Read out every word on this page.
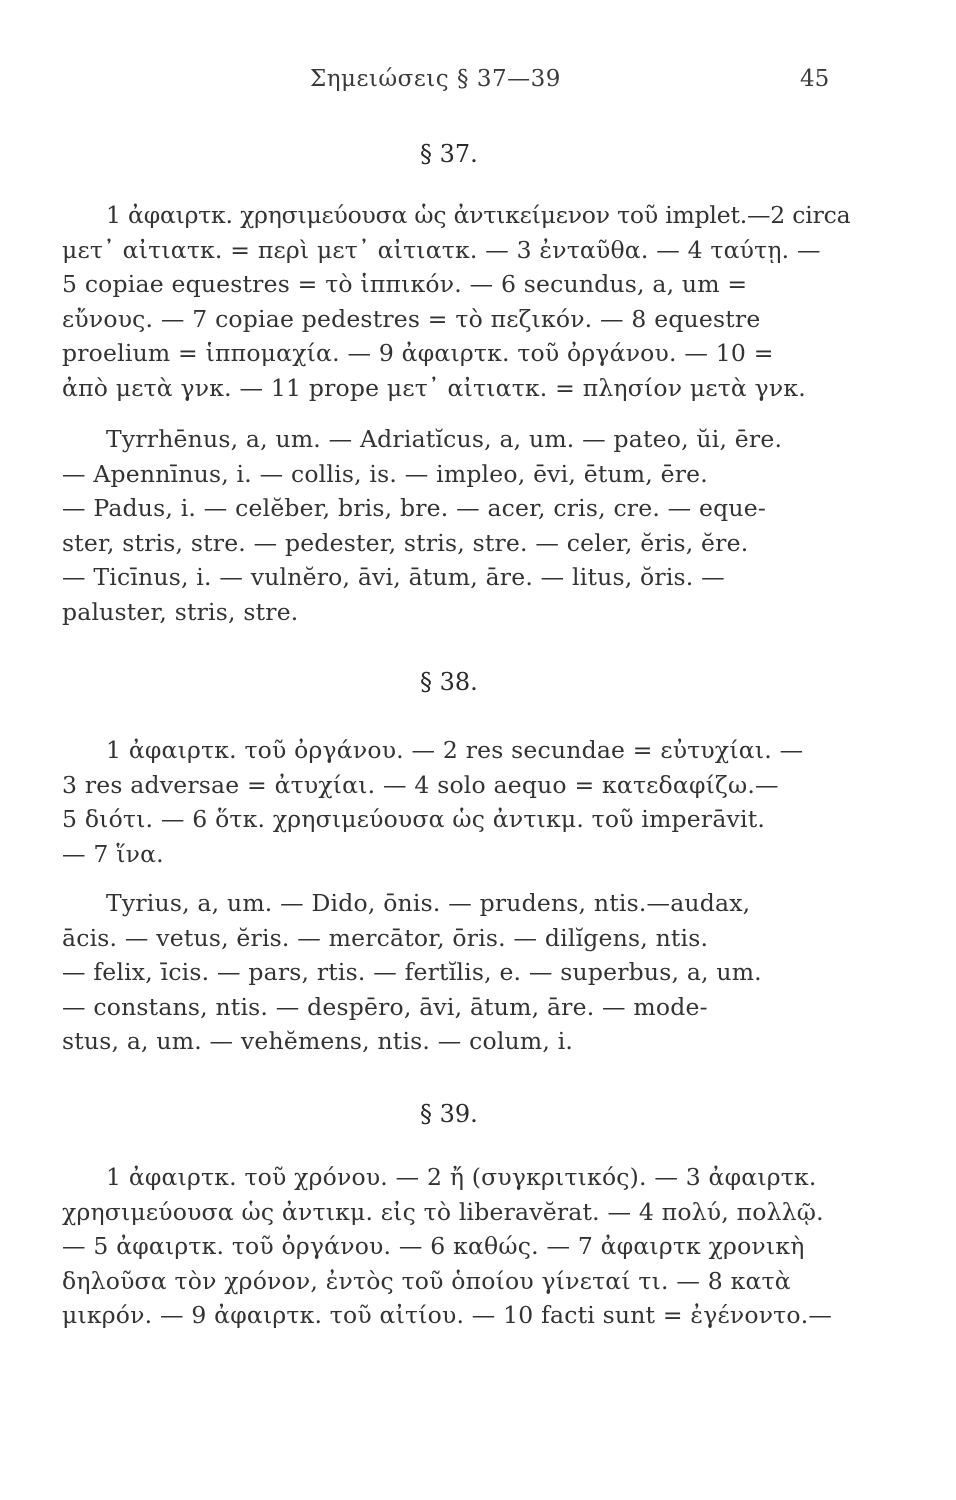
Σημειώσεις § 37—39	45
§ 37.
1 ἀφαιρτκ. χρησιμεύουσα ὡς ἀντικείμενον τοῦ implet.—2 circa
μετ᾽ αἰτιατκ. = περὶ μετ᾽ αἰτιατκ. — 3 ἐνταῦθα. — 4 ταύτῃ. —
5 copiae equestres = τὸ ἱππικόν. — 6 secundus, a, um =
εὔνους. — 7 copiae pedestres = τὸ πεζικόν. — 8 equestre
proelium = ἱππομαχία. — 9 ἀφαιρτκ. τοῦ ὀργάνου. — 10 =
ἀπὸ μετὰ γνκ. — 11 prope μετ᾽ αἰτιατκ. = πλησίον μετὰ γνκ.
Tyrrhēnus, a, um. — Adriatĭcus, a, um. — pateo, ŭi, ēre.
— Apennīnus, i. — collis, is. — impleo, ēvi, ētum, ēre.
— Padus, i. — celĕber, bris, bre. — acer, cris, cre. — eque-
ster, stris, stre. — pedester, stris, stre. — celer, ĕris, ĕre.
— Ticīnus, i. — vulnĕro, āvi, ātum, āre. — litus, ŏris. —
paluster, stris, stre.
§ 38.
1 ἀφαιρτκ. τοῦ ὀργάνου. — 2 res secundae = εὐτυχίαι. —
3 res adversae = ἀτυχίαι. — 4 solo aequo = κατεδαφίζω.—
5 διότι. — 6 ὅτκ. χρησιμεύουσα ὡς ἀντικμ. τοῦ imperāvit.
— 7 ἵνα.
Tyrius, a, um. — Dido, ōnis. — prudens, ntis.—audax,
ācis. — vetus, ĕris. — mercātor, ōris. — dilĭgens, ntis.
— felix, īcis. — pars, rtis. — fertĭlis, e. — superbus, a, um.
— constans, ntis. — despēro, āvi, ātum, āre. — mode-
stus, a, um. — vehĕmens, ntis. — colum, i.
§ 39.
1 ἀφαιρτκ. τοῦ χρόνου. — 2 ἤ (συγκριτικός). — 3 ἀφαιρτκ.
χρησιμεύουσα ὡς ἀντικμ. εἰς τὸ liberavĕrat. — 4 πολύ, πολλῷ.
— 5 ἀφαιρτκ. τοῦ ὀργάνου. — 6 καθώς. — 7 ἀφαιρτκ χρονικὴ
δηλοῦσα τὸν χρόνον, ἐντὸς τοῦ ὁποίου γίνεταί τι. — 8 κατὰ
μικρόν. — 9 ἀφαιρτκ. τοῦ αἰτίου. — 10 facti sunt = ἐγένοντο.—
